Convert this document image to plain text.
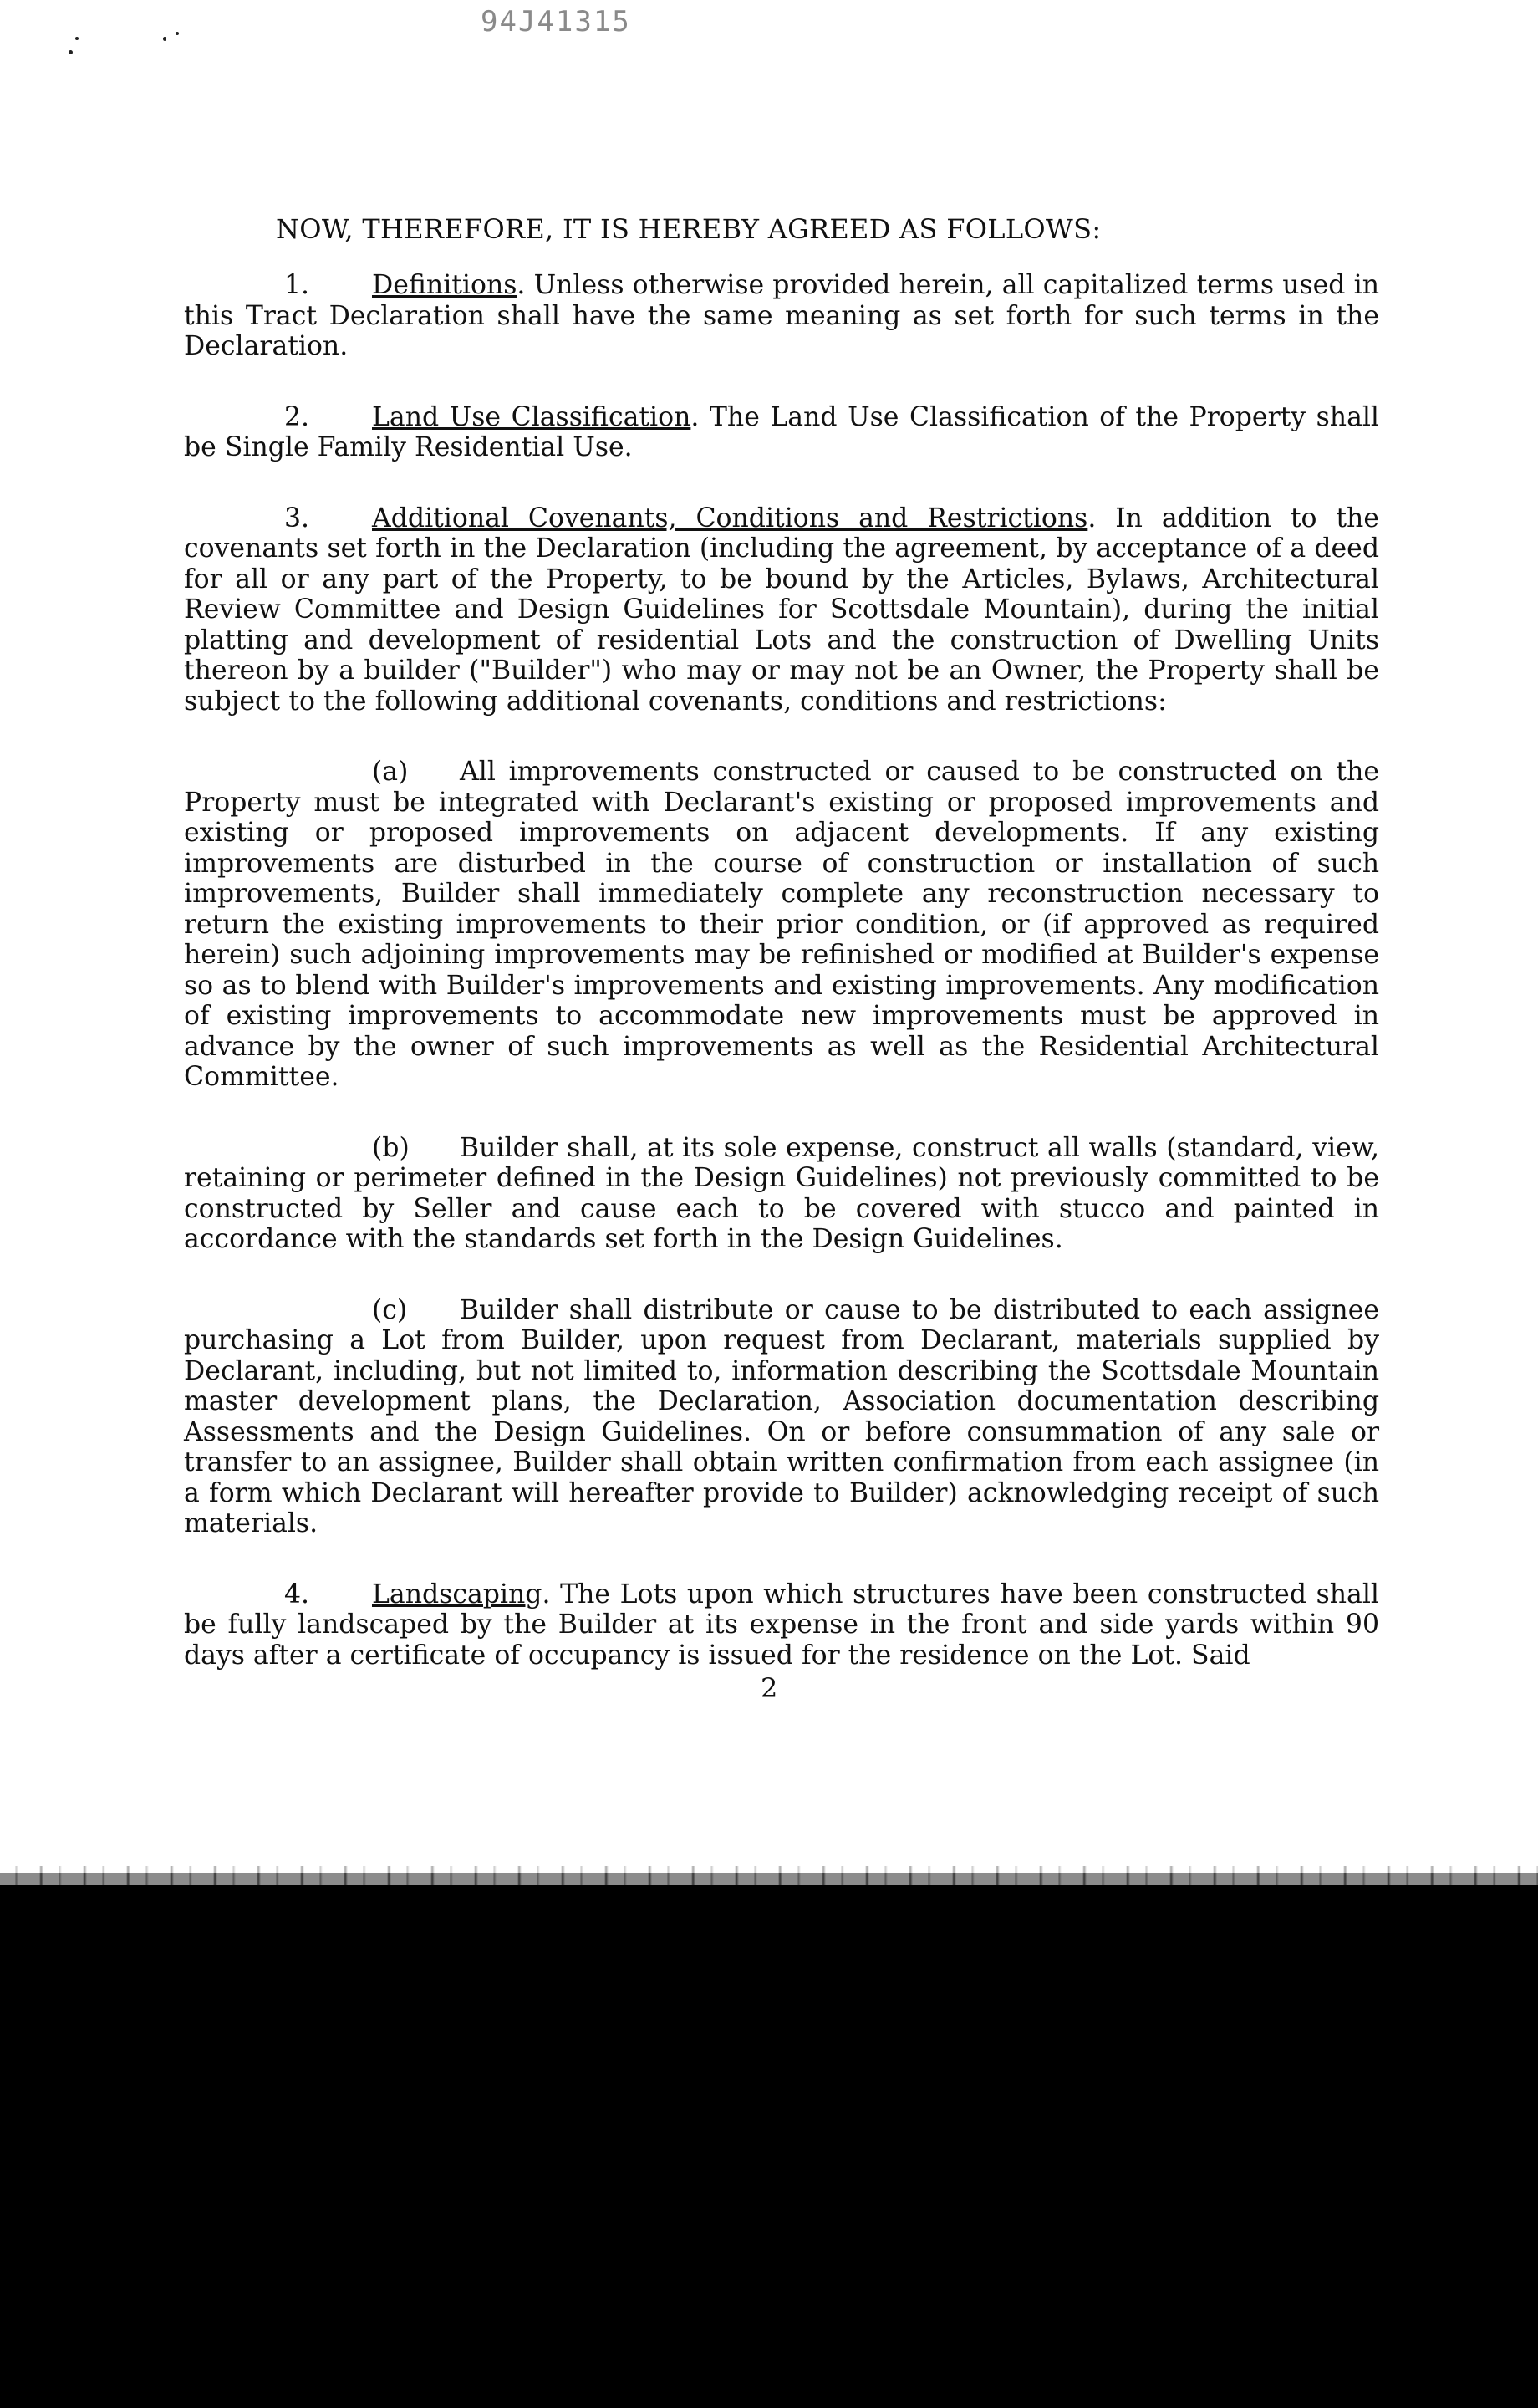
94J41315

NOW, THEREFORE, IT IS HEREBY AGREED AS FOLLOWS:

1. Definitions. Unless otherwise provided herein, all capitalized terms used in this Tract Declaration shall have the same meaning as set forth for such terms in the Declaration.

2. Land Use Classification. The Land Use Classification of the Property shall be Single Family Residential Use.

3. Additional Covenants, Conditions and Restrictions. In addition to the covenants set forth in the Declaration (including the agreement, by acceptance of a deed for all or any part of the Property, to be bound by the Articles, Bylaws, Architectural Review Committee and Design Guidelines for Scottsdale Mountain), during the initial platting and development of residential Lots and the construction of Dwelling Units thereon by a builder ("Builder") who may or may not be an Owner, the Property shall be subject to the following additional covenants, conditions and restrictions:

(a) All improvements constructed or caused to be constructed on the Property must be integrated with Declarant's existing or proposed improvements and existing or proposed improvements on adjacent developments. If any existing improvements are disturbed in the course of construction or installation of such improvements, Builder shall immediately complete any reconstruction necessary to return the existing improvements to their prior condition, or (if approved as required herein) such adjoining improvements may be refinished or modified at Builder's expense so as to blend with Builder's improvements and existing improvements. Any modification of existing improvements to accommodate new improvements must be approved in advance by the owner of such improvements as well as the Residential Architectural Committee.

(b) Builder shall, at its sole expense, construct all walls (standard, view, retaining or perimeter defined in the Design Guidelines) not previously committed to be constructed by Seller and cause each to be covered with stucco and painted in accordance with the standards set forth in the Design Guidelines.

(c) Builder shall distribute or cause to be distributed to each assignee purchasing a Lot from Builder, upon request from Declarant, materials supplied by Declarant, including, but not limited to, information describing the Scottsdale Mountain master development plans, the Declaration, Association documentation describing Assessments and the Design Guidelines. On or before consummation of any sale or transfer to an assignee, Builder shall obtain written confirmation from each assignee (in a form which Declarant will hereafter provide to Builder) acknowledging receipt of such materials.

4. Landscaping. The Lots upon which structures have been constructed shall be fully landscaped by the Builder at its expense in the front and side yards within 90 days after a certificate of occupancy is issued for the residence on the Lot. Said

2
